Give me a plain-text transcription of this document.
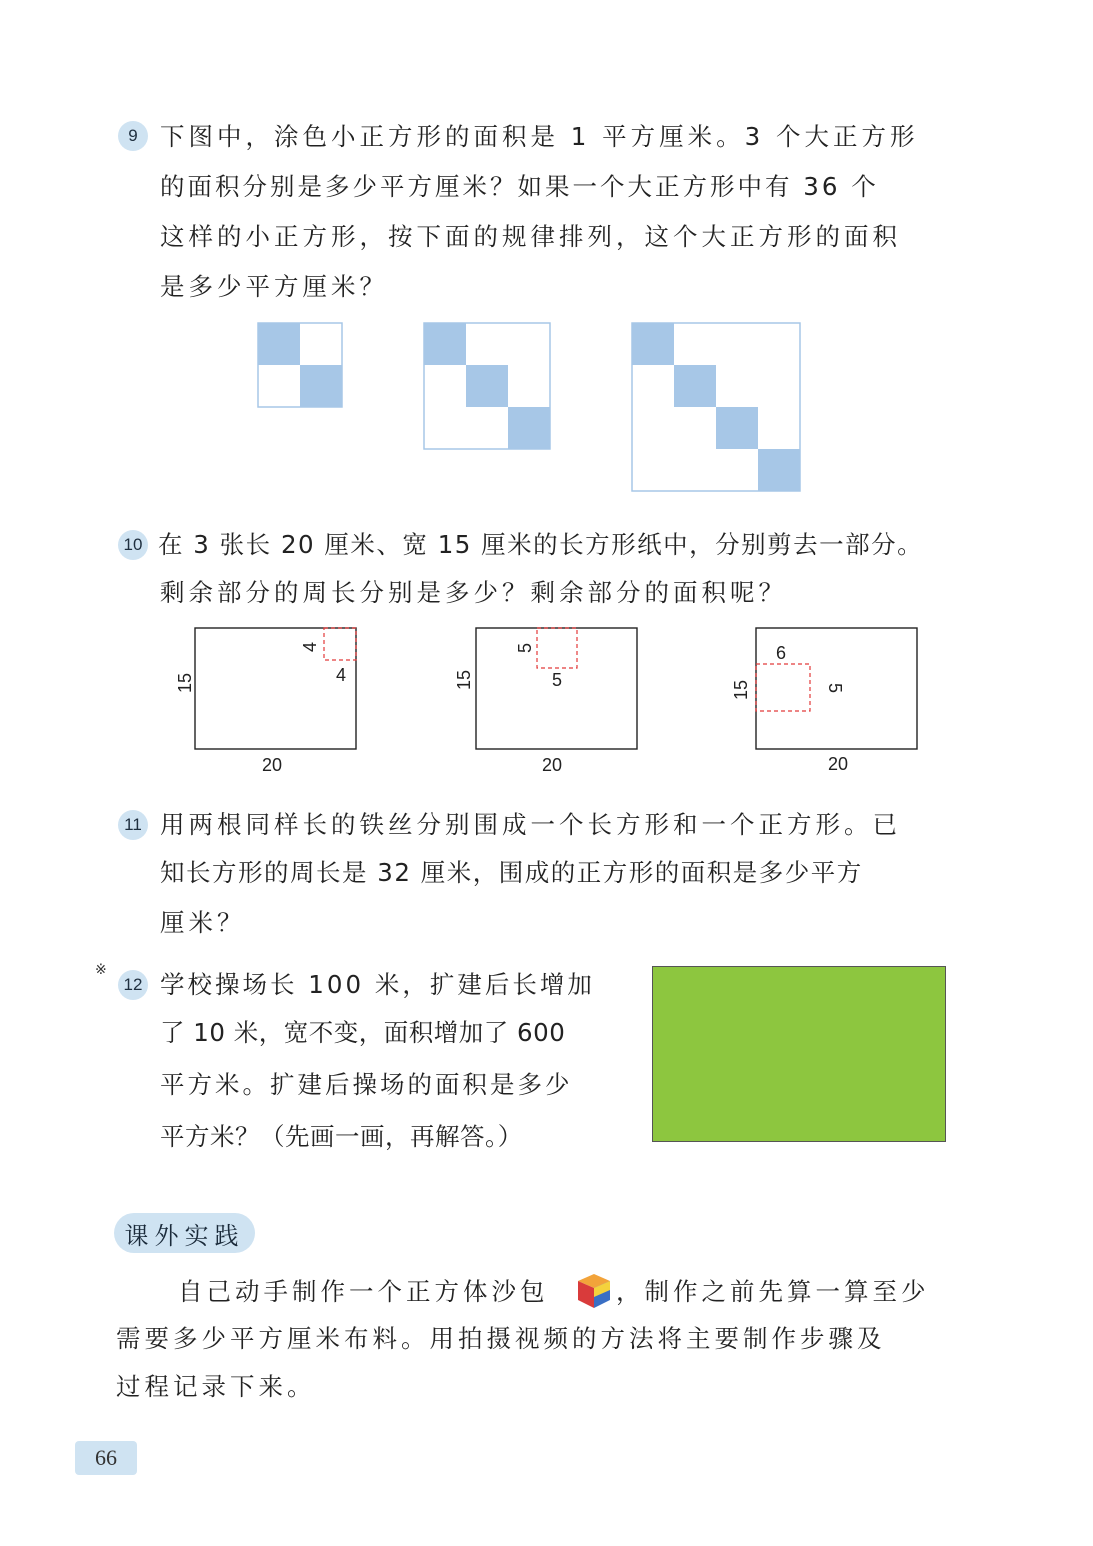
9 下图中，涂色小正方形的面积是 1 平方厘米。3 个大正方形
的面积分别是多少平方厘米？如果一个大正方形中有 36 个
这样的小正方形，按下面的规律排列，这个大正方形的面积
是多少平方厘米？
10 在 3 张长 20 厘米、宽 15 厘米的长方形纸中，分别剪去一部分。
剩余部分的周长分别是多少？剩余部分的面积呢？
4
4
15
20
5
5
15
20
6
5
15
20
11 用两根同样长的铁丝分别围成一个长方形和一个正方形。已
知长方形的周长是 32 厘米，围成的正方形的面积是多少平方
厘米？
※
12 学校操场长 100 米，扩建后长增加
了 10 米，宽不变，面积增加了 600
平方米。扩建后操场的面积是多少
平方米？（先画一画，再解答。）
课外实践
自己动手制作一个正方体沙包	，制作之前先算一算至少
需要多少平方厘米布料。用拍摄视频的方法将主要制作步骤及
过程记录下来。
66
